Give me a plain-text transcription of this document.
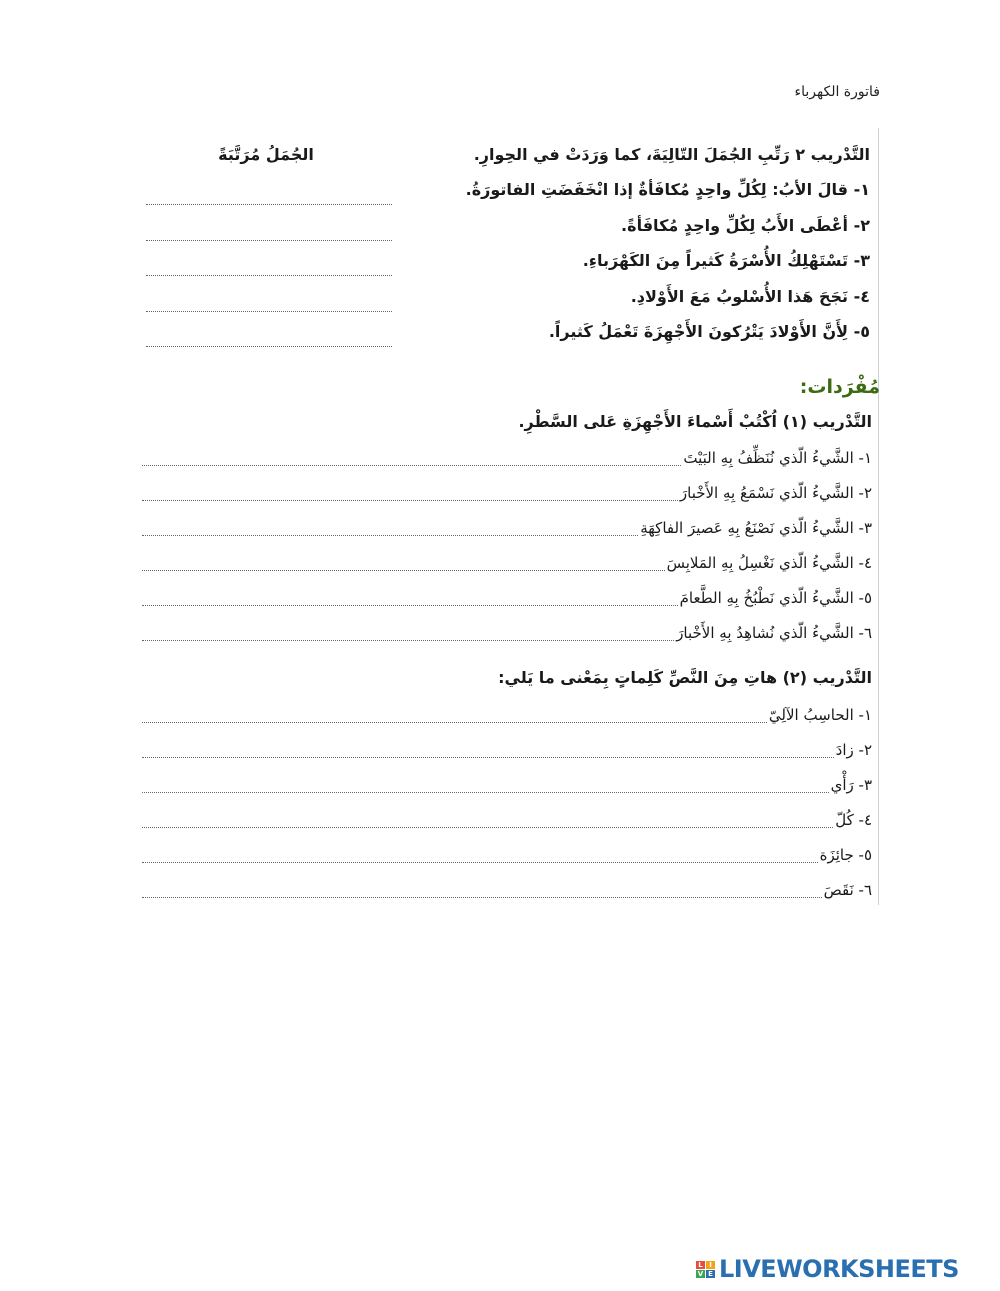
فاتورة الكهرباء
التَّدْريب ٢ رَتِّبِ الجُمَلَ التّالِيَةَ، كما وَرَدَتْ في الحِوارِ.
الجُمَلُ مُرَتَّبَةً
١- قالَ الأبُ: لِكُلِّ واحِدٍ مُكافَأةٌ إذا انْخَفَضَتِ الفاتورَةُ.
٢- أعْطَى الأَبُ لِكُلِّ واحِدٍ مُكافَأةً.
٣- تَسْتَهْلِكُ الأُسْرَةُ كَثيراً مِنَ الكَهْرَباءِ.
٤- نَجَحَ هَذا الأُسْلوبُ مَعَ الأَوْلادِ.
٥- لِأَنَّ الأَوْلادَ يَتْرُكونَ الأَجْهِزَةَ تَعْمَلُ كَثيراً.
مُفْرَدات:
التَّدْريب (١) اُكْتُبْ أَسْماءَ الأَجْهِزَةِ عَلى السَّطْرِ.
١- الشَّيءُ الّذي نُنَظِّفُ بِهِ البَيْتَ
٢- الشَّيءُ الّذي نَسْمَعُ بِهِ الأَخْبارَ
٣- الشَّيءُ الّذي نَصْنَعُ بِهِ عَصيرَ الفاكِهَةِ
٤- الشَّيءُ الّذي نَغْسِلُ بِهِ المَلابِسَ
٥- الشَّيءُ الّذي نَطْبُخُ بِهِ الطَّعامَ
٦- الشَّيءُ الّذي نُشاهِدُ بِهِ الأَخْبارَ
التَّدْريب (٢) هاتِ مِنَ النَّصِّ كَلِماتٍ بِمَعْنى ما يَلي:
١- الحاسِبُ الآلِيّ
٢- زادَ
٣- رَأْي
٤- كُلّ
٥- جائِزَة
٦- نَقَصَ
L I
V E LIVEWORKSHEETS
